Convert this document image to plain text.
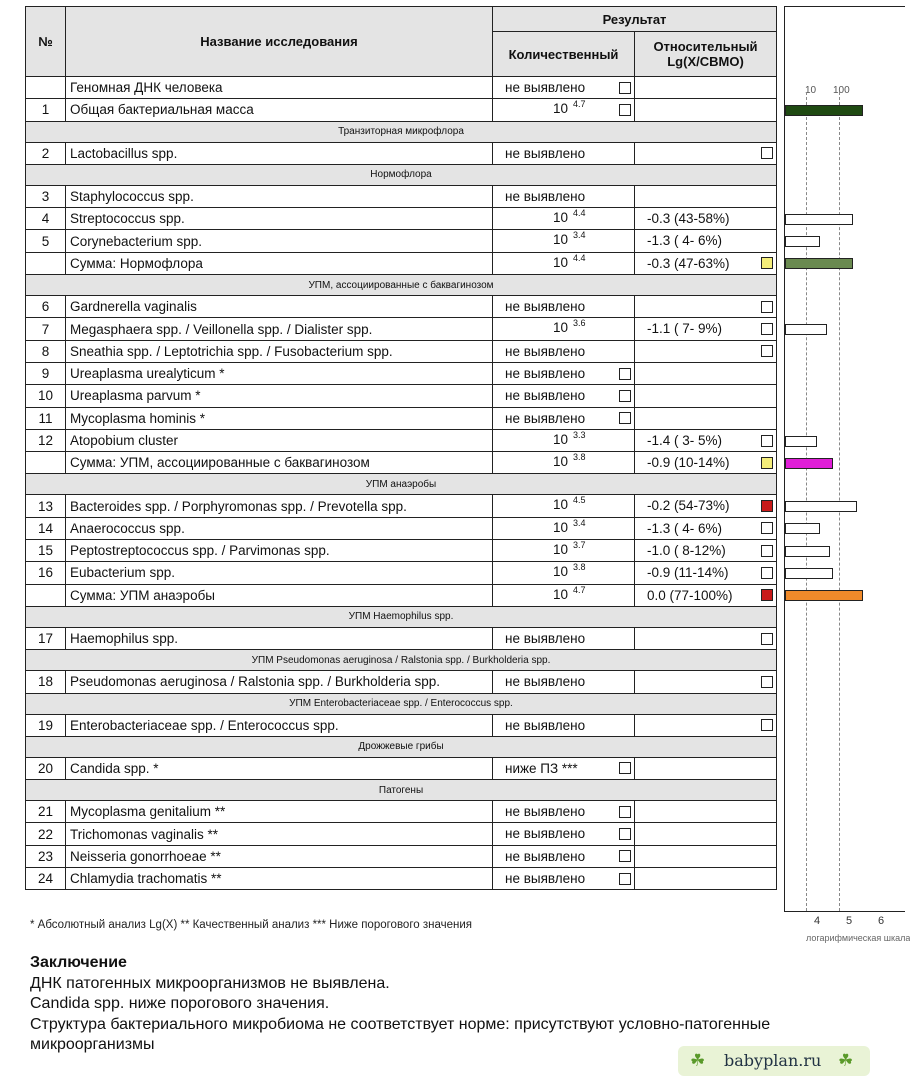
№	Название исследования	Результат	
		Количественный	Относительный Lg(X/СВМО)
	Геномная ДНК человека	не выявлено	

1	Общая бактериальная масса	10 4.7	

Транзиторная микрофлора			
2	Lactobacillus spp.	не выявлено	

Нормофлора			
3	Staphylococcus spp.	не выявлено	

4	Streptococcus spp.	10 4.4	-0.3 (43-58%)

5	Corynebacterium spp.	10 3.4	-1.3 ( 4- 6%)

	Сумма: Нормофлора	10 4.4	-0.3 (47-63%)

УПМ, ассоциированные с баквагинозом			
6	Gardnerella vaginalis	не выявлено	

7	Megasphaera spp. / Veillonella spp. / Dialister spp.	10 3.6	-1.1 ( 7- 9%)

8	Sneathia spp. / Leptotrichia spp. / Fusobacterium spp.	не выявлено	

9	Ureaplasma urealyticum *	не выявлено	

10	Ureaplasma parvum *	не выявлено	

11	Mycoplasma hominis *	не выявлено	

12	Atopobium cluster	10 3.3	-1.4 ( 3- 5%)

	Сумма: УПМ, ассоциированные с баквагинозом	10 3.8	-0.9 (10-14%)

УПМ анаэробы			
13	Bacteroides spp. / Porphyromonas spp. / Prevotella spp.	10 4.5	-0.2 (54-73%)

14	Anaerococcus spp.	10 3.4	-1.3 ( 4- 6%)

15	Peptostreptococcus spp. / Parvimonas spp.	10 3.7	-1.0 ( 8-12%)

16	Eubacterium spp.	10 3.8	-0.9 (11-14%)

	Сумма: УПМ анаэробы	10 4.7	0.0 (77-100%)

УПМ Haemophilus spp.			
17	Haemophilus spp.	не выявлено	

УПМ Pseudomonas aeruginosa / Ralstonia spp. / Burkholderia spp.			
18	Pseudomonas aeruginosa / Ralstonia spp. / Burkholderia spp.	не выявлено	

УПМ Enterobacteriaceae spp. / Enterococcus spp.			
19	Enterobacteriaceae spp. / Enterococcus spp.	не выявлено	

Дрожжевые грибы			
20	Candida spp. *	ниже ПЗ ***	

Патогены			
21	Mycoplasma genitalium **	не выявлено	

22	Trichomonas vaginalis **	не выявлено	

23	Neisseria gonorrhoeae **	не выявлено	

24	Chlamydia trachomatis **	не выявлено	

10 100
4 5 6
логарифмическая шкала
* Абсолютный анализ Lg(X) ** Качественный анализ *** Ниже порогового значения
Заключение
ДНК патогенных микроорганизмов не выявлена.
Candida spp. ниже порогового значения.
Структура бактериального микробиома не соответствует норме: присутствуют условно-патогенные
микроорганизмы
☘ babyplan.ru ☘
